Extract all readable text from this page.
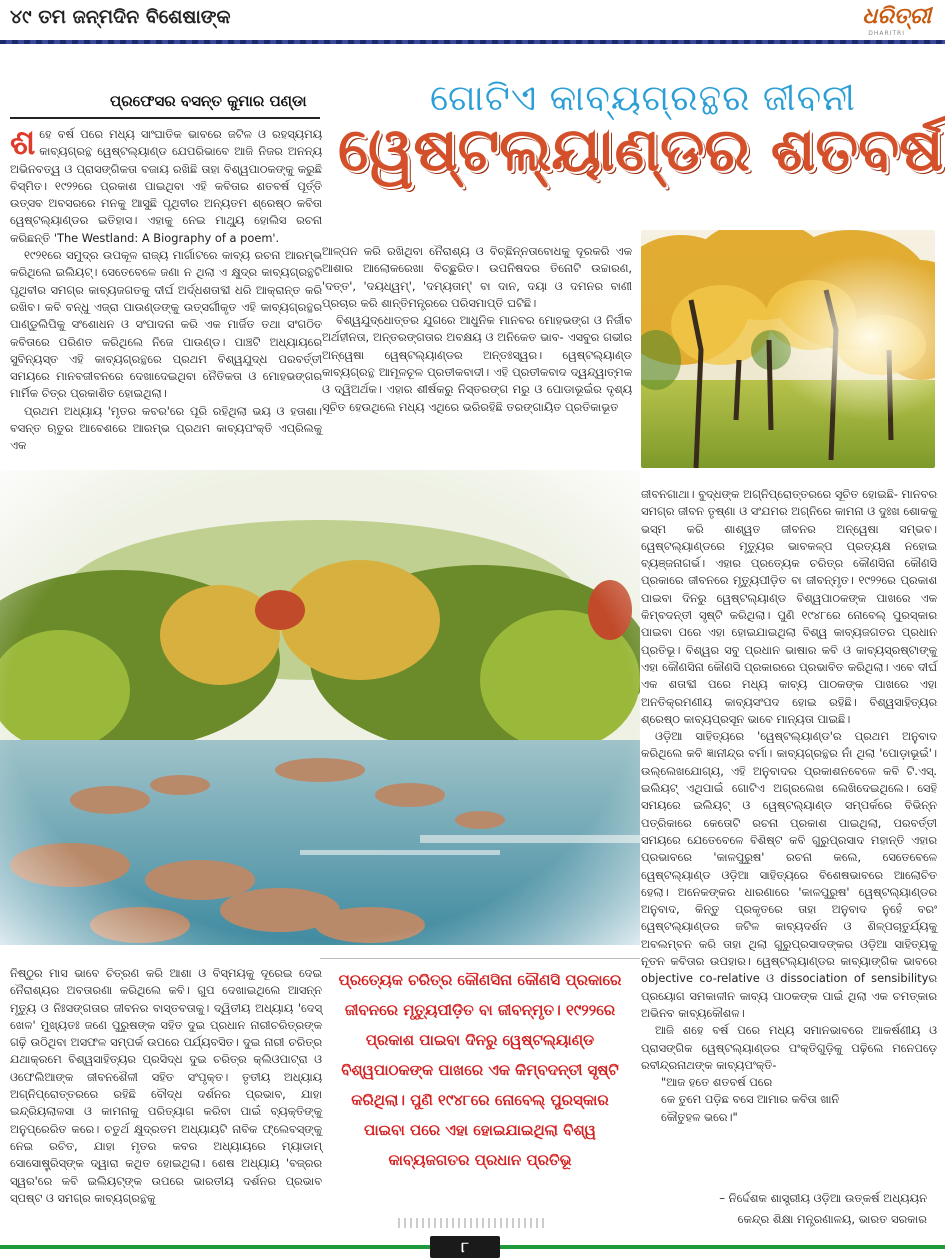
୪୯ ତମ ଜନ୍ମଦିନ ବିଶେଷାଙ୍କ	ଧରିତ୍ରୀ
DHARITRI
ପ୍ରଫେସର ବସନ୍ତ କୁମାର ପଣ୍ଡା	ଗୋଟିଏ କାବ୍ୟଗ୍ରନ୍ଥର ଜୀବନୀ
ୱେଷ୍ଟଲ୍ୟାଣ୍ଡର ଶତବର୍ଷ
ଶ ହେ ବର୍ଷ ପରେ ମଧ୍ୟ ସାଂଘାତିକ ଭାବରେ ଜଟିଳ ଓ ରହସ୍ୟମୟ କାବ୍ୟଗ୍ରନ୍ଥ ୱେଷ୍ଟଲ୍ୟାଣ୍ଡ ଯେପରିଭାବେ ଆଜି ନିଜର ଅନନ୍ୟ ଅଭିନବତ୍ୱ ଓ ପ୍ରାସଙ୍ଗିକତା ବଜାୟ ରଖିଛି ତାହା ବିଶ୍ୱପାଠକଙ୍କୁ କରୁଛି ବିସ୍ମିତ। ୧୯୨୨ରେ ପ୍ରକାଶ ପାଇଥିବା ଏହି କବିତାର ଶତବର୍ଷ ପୂର୍ତ୍ତି ଉତ୍ସବ ଅବସରରେ ମନକୁ ଆସୁଛି ପୃଥିବୀର ଅନ୍ୟତମ ଶ୍ରେଷ୍ଠ କବିତା ୱେଷ୍ଟଲ୍ୟାଣ୍ଡର ଇତିହାସ। ଏହାକୁ ନେଇ ମାଥ୍ୟୁ ହୋଲିସ ରଚନା କରିଛନ୍ତି 'The Westland: A Biography of a poem'.

୧୯୨୧ରେ ସମୁଦ୍ର ଉପକୂଳ ରାଜ୍ୟ ମାର୍ଗାଟରେ କାବ୍ୟ ରଚନା ଆରମ୍ଭ କରିଥିଲେ ଇଲିୟଟ୍। ସେତେବେଳେ ଜଣା ନ ଥିଲା ଏ କ୍ଷୁଦ୍ର କାବ୍ୟଗ୍ରନ୍ଥଟି ପୃଥିବୀର ସମଗ୍ର କାବ୍ୟଜଗତକୁ ଦୀର୍ଘ ଅର୍ଦ୍ଧଶତାବ୍ଦୀ ଧରି ଆକ୍ରାନ୍ତ କରି ରଖିବ। କବି ବନ୍ଧୁ ଏଜ୍ରା ପାଉଣ୍ଡଙ୍କୁ ଉତ୍ସର୍ଗୀକୃତ ଏହି କାବ୍ୟଗ୍ରନ୍ଥର ପାଣ୍ଡୁଲିପିକୁ ସଂଶୋଧନ ଓ ସଂପାଦନା କରି ଏକ ମାର୍ଜିତ ତଥା ସଂଗଠିତ କବିତାରେ ପରିଣତ କରିଥିଲେ ନିଜେ ପାଉଣ୍ଡ। ପାଞ୍ଚଟି ଅଧ୍ୟାୟରେ ସୁବିନ୍ୟସ୍ତ ଏହି କାବ୍ୟଗ୍ରନ୍ଥରେ ପ୍ରଥମ ବିଶ୍ୱଯୁଦ୍ଧ ପରବର୍ତ୍ତୀ ସମୟରେ ମାନବଜୀବନରେ ଦେଖାଦେଇଥିବା ନୈତିକତା ଓ ମୋହଭଙ୍ଗର ମାର୍ମିକ ଚିତ୍ର ପ୍ରକାଶିତ ହୋଇଥିଲା।

ପ୍ରଥମ ଅଧ୍ୟାୟ 'ମୃତର କବର'ରେ ପୂରି ରହିଥିଲା ଭୟ ଓ ହତାଶା। ବସନ୍ତ ଋତୁର ଆବେଶରେ ଆରମ୍ଭ ପ୍ରଥମ କାବ୍ୟପଂକ୍ତି ଏପ୍ରିଲକୁ ଏକ

ଆଳ୍ପନ କରି ରଖିଥିବା ନୈରାଶ୍ୟ ଓ ବିଚ୍ଛିନ୍ନତାବୋଧକୁ ଦୂରକରି ଏକ ଆଶାର ଆଲୋକରେଖା ବିଚ୍ଛୁରିତ। ଉପନିଷଦର ତିନୋଟି ଉଚ୍ଚାରଣ, 'ଦତ୍ତ', 'ଦୟଧ୍ୱମ୍', 'ଦମ୍ୟତାମ୍' ବା ଦାନ, ଦୟା ଓ ଦମନର ବାଣୀ ପ୍ରଚାର କରି ଶାନ୍ତିମନ୍ତ୍ରରେ ପରିସମାପ୍ତି ଘଟିଛି।

ବିଶ୍ୱଯୁଦ୍ଧୋତ୍ତର ଯୁଗରେ ଆଧୁନିକ ମାନବର ମୋହଭଙ୍ଗ ଓ ନିର୍ଜୀବ ଅର୍ଥହୀନତା, ଅନ୍ତରଙ୍ଗତାର ଅବକ୍ଷୟ ଓ ଅନିକେତ ଭାବ- ଏସବୁର ଗଭୀର ଅନ୍ୱେଷା ୱେଷ୍ଟଲ୍ୟାଣ୍ଡର ଅନ୍ତଃସ୍ୱର। ୱେଷ୍ଟଲ୍ୟାଣ୍ଡ କାବ୍ୟଗ୍ରନ୍ଥ ଆମୂଳଚୂଳ ପ୍ରତୀକବାଦୀ। ଏହି ପ୍ରତୀକବାଦ ଦ୍ୱନ୍ଦ୍ୱାତ୍ମକ ଓ ଦ୍ୱିଅର୍ଥକ। ଏହାର ଶୀର୍ଷକରୁ ନିସ୍ତରଙ୍ଗ ମରୁ ଓ ପୋଡାଭୂଇଁର ଦୃଶ୍ୟ ସୂଚିତ ହେଉଥିଲେ ମଧ୍ୟ ଏଥିରେ ଭରିରହିଛି ତରଙ୍ଗାୟିତ ପ୍ରତିକାଭୂତ

ଜୀବନଗାଥା। ବୁଦ୍ଧଙ୍କ ଅଗ୍ନିପ୍ରୋତ୍ତରରେ ସୂଚିତ ହୋଇଛି- ମାନବର ସମଗ୍ର ଜୀବନ ତୃଷ୍ଣା ଓ ସଂଯମର ଅଗ୍ନିରେ କାମନା ଓ ଦୁଃଖ ଶୋକକୁ ଭସ୍ମ କରି ଶାଶ୍ୱତ ଜୀବନର ଅନ୍ୱେଷା ସମ୍ଭବ। ୱେଷ୍ଟଲ୍ୟାଣ୍ଡରେ ମୃତ୍ୟୁର ଭାବକଳ୍ପ ପ୍ରତ୍ୟକ୍ଷ ନହୋଇ ବ୍ୟଞ୍ଜନାଗର୍ଭ। ଏହାର ପ୍ରତ୍ୟେକ ଚରିତ୍ର କୌଣସିନା କୌଣସି ପ୍ରକାରେ ଜୀବନରେ ମୃତ୍ୟୁପୀଡ଼ିତ ବା ଜୀବନ୍ମୃତ। ୧୯୨୨ରେ ପ୍ରକାଶ ପାଇବା ଦିନରୁ ୱେଷ୍ଟଲ୍ୟାଣ୍ଡ ବିଶ୍ୱପାଠକଙ୍କ ପାଖରେ ଏକ କିମ୍ବଦନ୍ତୀ ସୃଷ୍ଟି କରିଥିଲା। ପୁଣି ୧୯୪୮ରେ ନୋବେଲ୍ ପୁରସ୍କାର ପାଇବା ପରେ ଏହା ହୋଇଯାଇଥିଲା ବିଶ୍ୱ କାବ୍ୟଜଗତର ପ୍ରଧାନ ପ୍ରତିଭୂ। ବିଶ୍ୱର ସବୁ ପ୍ରଧାନ ଭାଷାର କବି ଓ କାବ୍ୟସ୍ରଷ୍ଟାଙ୍କୁ ଏହା କୌଣସିନା କୌଣସି ପ୍ରକାରରେ ପ୍ରଭାବିତ କରିଥିଲା। ଏବେ ଦୀର୍ଘ ଏକ ଶତାବ୍ଦୀ ପରେ ମଧ୍ୟ କାବ୍ୟ ପାଠକଙ୍କ ପାଖରେ ଏହା ଅନତିକ୍ରମଣୀୟ କାବ୍ୟସଂପଦ ହୋଇ ରହିଛି। ବିଶ୍ୱସାହିତ୍ୟର ଶ୍ରେଷ୍ଠ କାବ୍ୟପ୍ରସୂନ ଭାବେ ମାନ୍ୟତା ପାଇଛି।

ଓଡ଼ିଆ ସାହିତ୍ୟରେ 'ୱେଷ୍ଟଲ୍ୟାଣ୍ଡ'ର ପ୍ରଥମ ଅନୁବାଦ କରିଥିଲେ କବି ଜ୍ଞାନୀନ୍ଦ୍ର ବର୍ମା। କାବ୍ୟଗ୍ରନ୍ଥର ନାଁ ଥିଲା 'ପୋଡ଼ାଭୂଇଁ'। ଉଲ୍ଲେଖଯୋଗ୍ୟ, ଏହି ଅନୁବାଦର ପ୍ରକାଶନବେଳେ କବି ଟି.ଏସ୍. ଇଲିୟଟ୍ ଏଥିପାଇଁ ଗୋଟିଏ ଅଗ୍ରଲେଖ ଲେଖିଦେଇଥିଲେ। ସେହି ସମୟରେ ଇଲିୟଟ୍ ଓ ୱେଷ୍ଟଲ୍ୟାଣ୍ଡ ସମ୍ପର୍କରେ ବିଭିନ୍ନ ପତ୍ରିକାରେ କେତୋଟି ରଚନା ପ୍ରକାଶ ପାଇଥିଲା, ପରବର୍ତ୍ତୀ ସମୟରେ ଯେତେବେଳେ ବିଶିଷ୍ଟ କବି ଗୁରୁପ୍ରସାଦ ମହାନ୍ତି ଏହାର ପ୍ରଭାବରେ 'କାଳପୁରୁଷ' ରଚନା କଲେ, ସେତେବେଳେ ୱେଷ୍ଟଲ୍ୟାଣ୍ଡ ଓଡ଼ିଆ ସାହିତ୍ୟରେ ବିଶେଷଭାବରେ ଆଲୋଚିତ ହେଲା। ଅନେକଙ୍କର ଧାରଣାରେ 'କାଳପୁରୁଷ' ୱେଷ୍ଟଲ୍ୟାଣ୍ଡର ଅନୁବାଦ, କିନ୍ତୁ ପ୍ରକୃତରେ ତାହା ଅନୁବାଦ ନୁହେଁ ବରଂ ୱେଷ୍ଟଲ୍ୟାଣ୍ଡର ଜଟିଳ କାବ୍ୟଦର୍ଶନ ଓ ଶିଳ୍ପଚାତୁର୍ଯ୍ୟକୁ ଅବଲମ୍ବନ କରି ତାହା ଥିଲା ଗୁରୁପ୍ରସାଦଙ୍କର ଓଡ଼ିଆ ସାହିତ୍ୟକୁ ନୂତନ କବିତାର ଉପହାର। ୱେଷ୍ଟଲ୍ୟାଣ୍ଡର କାବ୍ୟାଙ୍ଗିକ ଭାବରେ objective co-relative ଓ dissociation of sensibilityର ପ୍ରୟୋଗ ସମକାଳୀନ କାବ୍ୟ ପାଠକଙ୍କ ପାଇଁ ଥିଲା ଏକ ଚମତ୍କାର ଅଭିନବ କାବ୍ୟକୌଶଳ।

ଆଜି ଶହେ ବର୍ଷ ପରେ ମଧ୍ୟ ସମାନଭାବରେ ଆକର୍ଷଣୀୟ ଓ ପ୍ରାସଙ୍ଗିକ ୱେଷ୍ଟଲ୍ୟାଣ୍ଡର ପଂକ୍ତିଗୁଡ଼ିକୁ ପଢ଼ିଲେ ମନେପଡ଼େ ରବୀନ୍ଦ୍ରନାଥଙ୍କ କାବ୍ୟପଂକ୍ତି-

"ଆଜ ହତେ ଶତବର୍ଷ ପରେ
କେ ତୁମେ ପଡ଼ିଛ ବସେ ଆମାର କବିତା ଖାନି
କୌତୁହଳ ଭରେ।"

ନିଷ୍ଠୁର ମାସ ଭାବେ ଚିତ୍ରଣ କରି ଆଶା ଓ ବିସ୍ମୟକୁ ଦୂରେଇ ଦେଇ ନୈରାଶ୍ୟର ଅବତାରଣା କରିଥିଲେ କବି। ଗୁପ ଦେଖାଇଥିଲେ ଆସନ୍ନ ମୃତ୍ୟୁ ଓ ନିଃସଙ୍ଗତାର ଜୀବନର ବାସ୍ତବତାକୁ। ଦ୍ୱିତୀୟ ଅଧ୍ୟାୟ 'ଦେସ୍ ଖେଳ' ମୁଖ୍ୟତଃ ଜଣେ ପୁରୁଷଙ୍କ ସହିତ ଦୁଇ ପ୍ରଧାନ ନାରୀଚରିତ୍ରଙ୍କ ଗଢ଼ି ଉଠିଥିବା ଅସଫଳ ସମ୍ପର୍କ ଉପରେ ପର୍ଯ୍ୟବସିତ। ଦୁଇ ନାରୀ ଚରିତ୍ର ଯଥାକ୍ରମେ ବିଶ୍ୱସାହିତ୍ୟର ପ୍ରସିଦ୍ଧ ଦୁଇ ଚରିତ୍ର କ୍ଲିଓପାଟ୍ରା ଓ ଓଫେଲିଆଙ୍କ ଜୀବନଶୈଳୀ ସହିତ ସଂପୃକ୍ତ। ତୃତୀୟ ଅଧ୍ୟାୟ ଅଗ୍ନିପ୍ରୋତ୍ତରରେ ରହିଛି ବୌଦ୍ଧ ଦର୍ଶନର ପ୍ରଭାବ, ଯାହା ଇନ୍ଦ୍ରିୟଲାଳସା ଓ କାମନାକୁ ପରିତ୍ୟାଗ କରିବା ପାଇଁ ବ୍ୟକ୍ତିଙ୍କୁ ଅନୁପ୍ରେରିତ କରେ। ଚତୁର୍ଥ କ୍ଷୁଦ୍ରତମ ଅଧ୍ୟାୟଟି ନାବିକ ଫ୍ଲେବସ୍‌ଙ୍କୁ ନେଇ ରଚିତ, ଯାହା ମୃତର କବର ଅଧ୍ୟାୟରେ ମ୍ୟାଡାମ୍ ସୋସୋଷ୍ଟ୍ରିସ୍‌ଙ୍କ ଦ୍ୱାରା କଥିତ ହୋଇଥିଲା। ଶେଷ ଅଧ୍ୟାୟ 'ବଜ୍ରର ସ୍ୱର'ରେ କବି ଇଲିୟଟ୍‌ଙ୍କ ଉପରେ ଭାରତୀୟ ଦର୍ଶନର ପ୍ରଭାବ ସ୍ପଷ୍ଟ ଓ ସମଗ୍ର କାବ୍ୟଗ୍ରନ୍ଥକୁ

ପ୍ରତ୍ୟେକ ଚରିତ୍ର କୌଣସିନା କୌଣସି ପ୍ରକାରେ ଜୀବନରେ ମୃତ୍ୟୁପୀଡ଼ିତ ବା ଜୀବନ୍ମୃତ। ୧୯୨୨ରେ ପ୍ରକାଶ ପାଇବା ଦିନରୁ ୱେଷ୍ଟଲ୍ୟାଣ୍ଡ ବିଶ୍ୱପାଠକଙ୍କ ପାଖରେ ଏକ କିମ୍ବଦନ୍ତୀ ସୃଷ୍ଟି କରିଥିଲା। ପୁଣି ୧୯୪୮ରେ ନୋବେଲ୍ ପୁରସ୍କାର ପାଇବା ପରେ ଏହା ହୋଇଯାଇଥିଲା ବିଶ୍ୱ କାବ୍ୟଜଗତର ପ୍ରଧାନ ପ୍ରତିଭୂ
– ନିର୍ଦ୍ଦେଶକ ଶାସ୍ତ୍ରୀୟ ଓଡ଼ିଆ ଉତ୍କର୍ଷ ଅଧ୍ୟୟନ
କେନ୍ଦ୍ର ଶିକ୍ଷା ମନ୍ତ୍ରଣାଳୟ, ଭାରତ ସରକାର
୮
